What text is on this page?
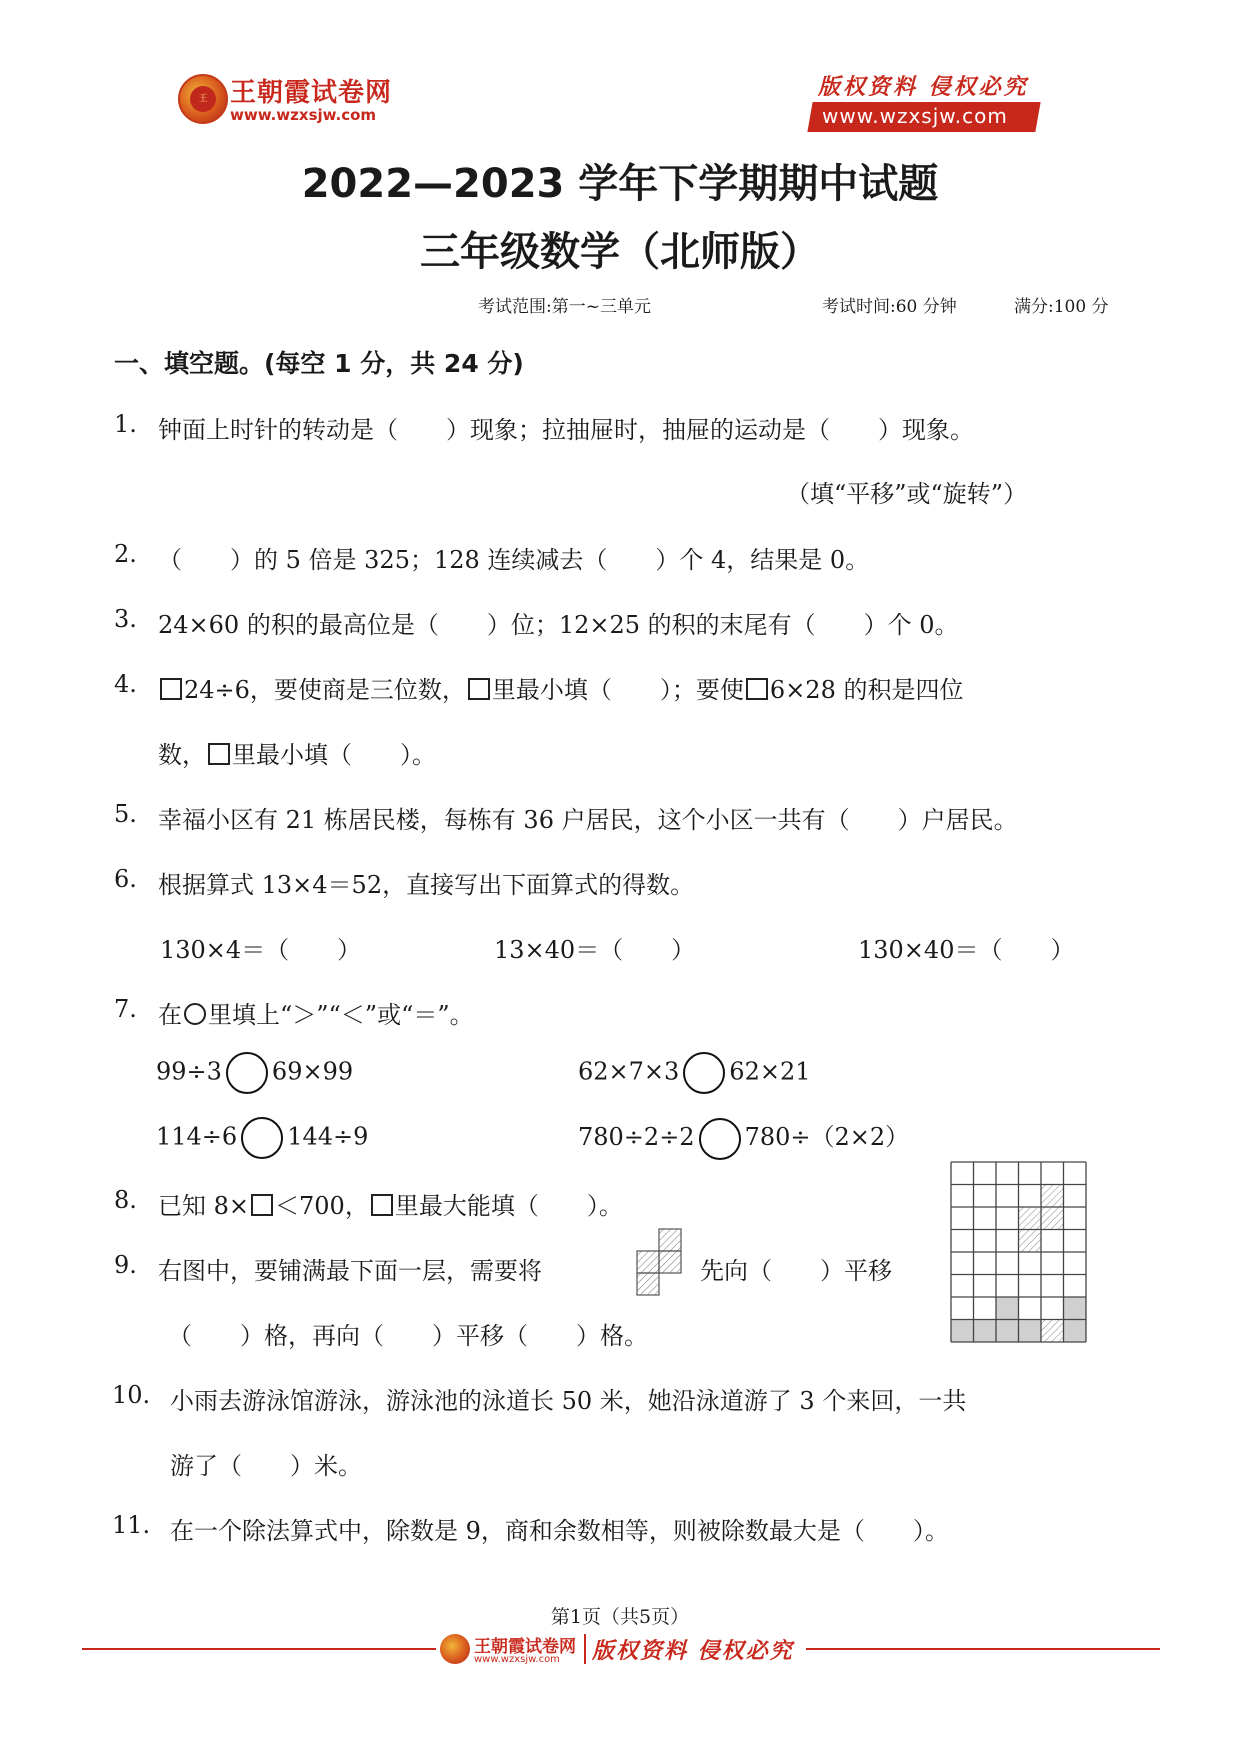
王 王朝霞试卷网
www.wzxsjw.com
版权资料 侵权必究
www.wzxsjw.com
2022—2023 学年下学期期中试题
三年级数学（北师版）
考试范围:第一~三单元	考试时间:60 分钟	满分:100 分
一、填空题。(每空 1 分，共 24 分)
1. 钟面上时针的转动是（　　）现象；拉抽屉时，抽屉的运动是（　　）现象。
（填“平移”或“旋转”）
2. （　　）的 5 倍是 325；128 连续减去（　　）个 4，结果是 0。
3. 24×60 的积的最高位是（　　）位；12×25 的积的末尾有（　　）个 0。
4.	24÷6，要使商是三位数， 里最小填（　　）；要使 6×28 的积是四位
数， 里最小填（　　）。
5. 幸福小区有 21 栋居民楼，每栋有 36 户居民，这个小区一共有（　　）户居民。
6. 根据算式 13×4＝52，直接写出下面算式的得数。
130×4＝（　　）	13×40＝（　　）	130×40＝（　　）
7. 在 里填上“＞”“＜”或“＝”。
99÷3 69×99	62×7×3 62×21
114÷6 144÷9	780÷2÷2 780÷（2×2）
8. 已知 8× ＜700， 里最大能填（　　）。
9. 右图中，要铺满最下面一层，需要将	先向（　　）平移
（　　）格，再向（　　）平移（　　）格。
10. 小雨去游泳馆游泳，游泳池的泳道长 50 米，她沿泳道游了 3 个来回，一共
游了（　　）米。
11. 在一个除法算式中，除数是 9，商和余数相等，则被除数最大是（　　）。
第1页（共5页）
王朝霞试卷网
www.wzxsjw.com 版权资料 侵权必究
